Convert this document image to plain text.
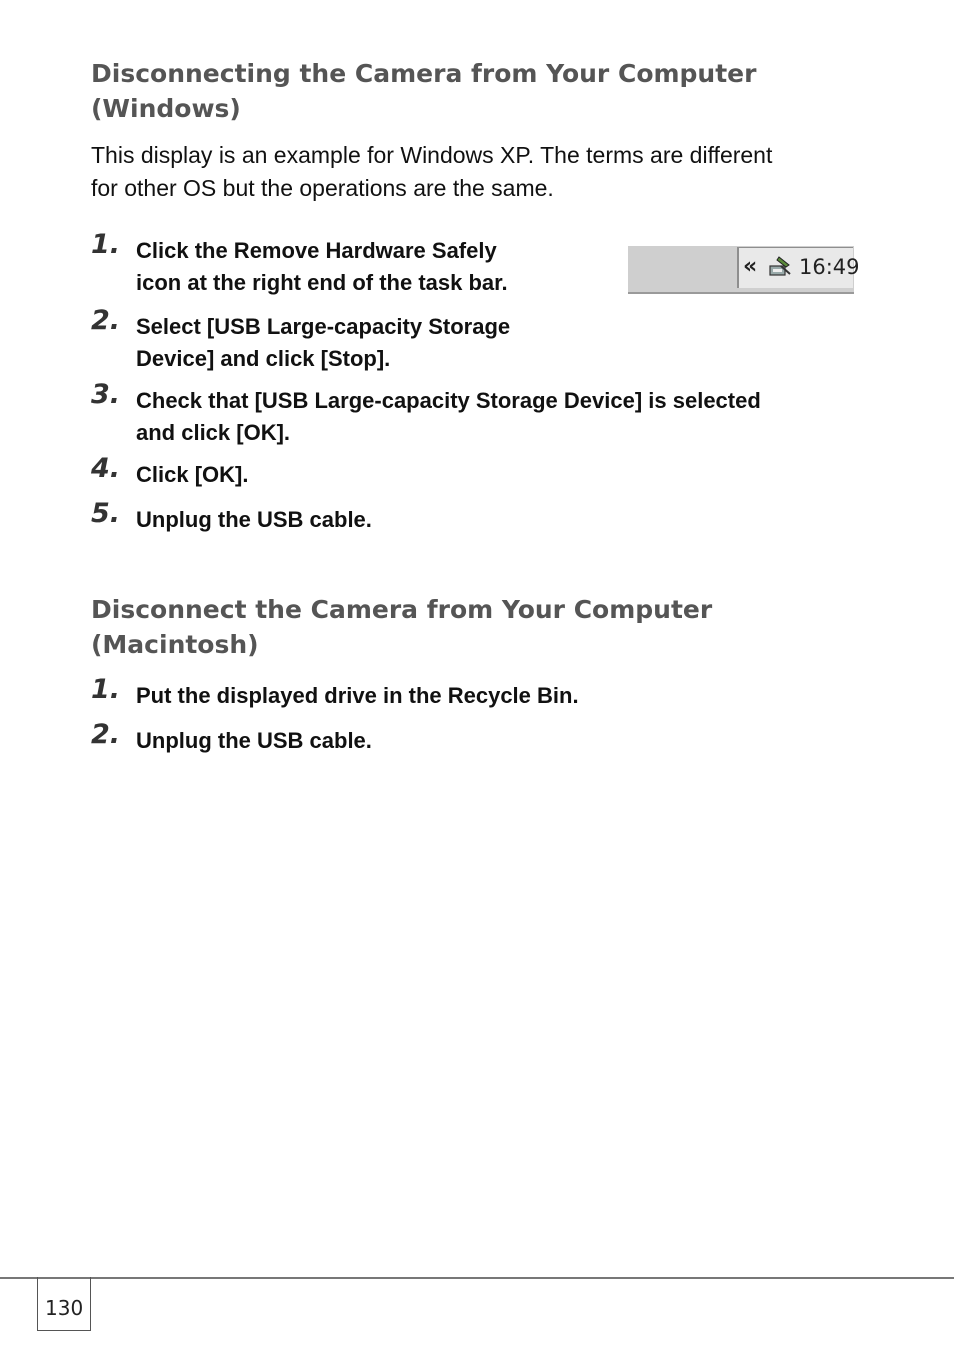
Disconnecting the Camera from Your Computer
(Windows)

This display is an example for Windows XP. The terms are different
for other OS but the operations are the same.

1. Click the Remove Hardware Safely
icon at the right end of the task bar.
« 16:49
2. Select [USB Large-capacity Storage
Device] and click [Stop].
3. Check that [USB Large-capacity Storage Device] is selected
and click [OK].
4. Click [OK].
5. Unplug the USB cable.
Disconnect the Camera from Your Computer
(Macintosh)
1. Put the displayed drive in the Recycle Bin.
2. Unplug the USB cable.
130
